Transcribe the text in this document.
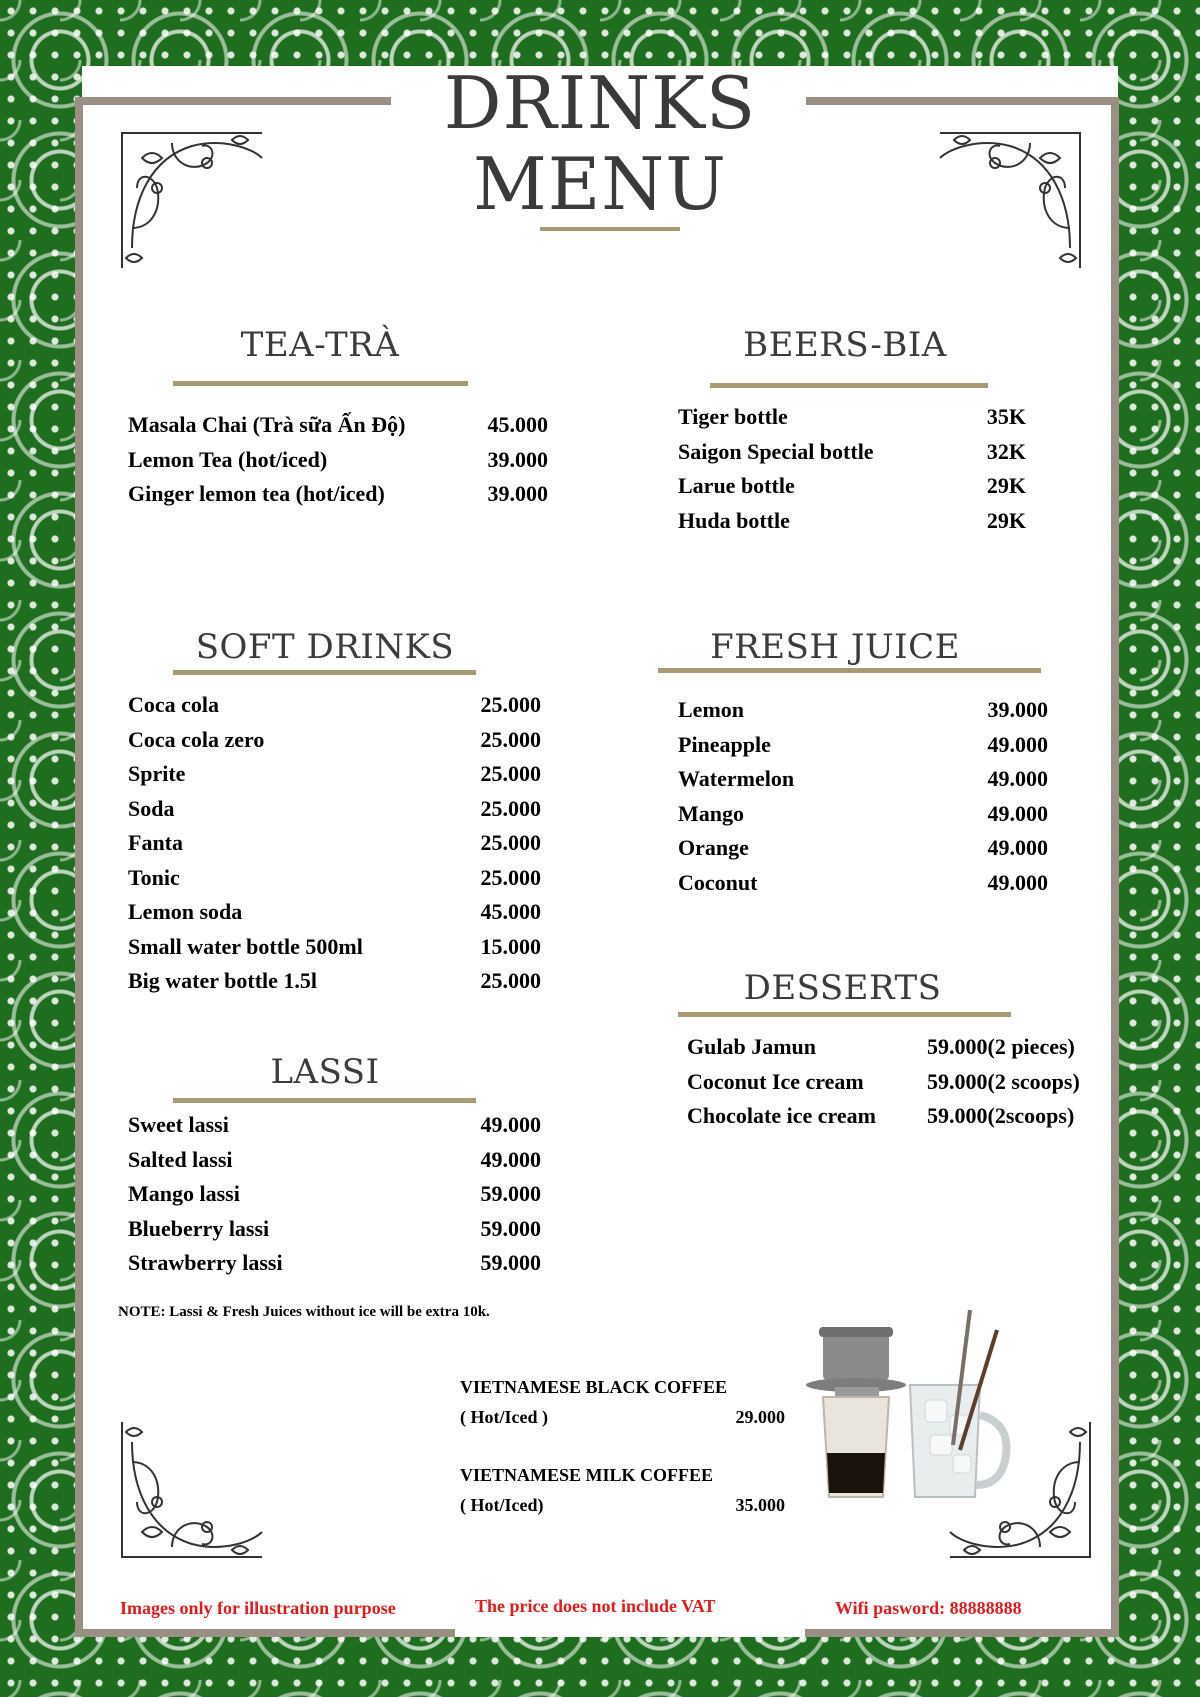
DRINKS
MENU
TEA-TRÀ
Masala Chai (Trà sữa Ấn Độ)	45.000
Lemon Tea (hot/iced)	39.000
Ginger lemon tea (hot/iced)	39.000
BEERS-BIA
Tiger bottle	35K
Saigon Special bottle	32K
Larue bottle	29K
Huda bottle	29K
SOFT DRINKS
Coca cola	25.000
Coca cola zero	25.000
Sprite	25.000
Soda	25.000
Fanta	25.000
Tonic	25.000
Lemon soda	45.000
Small water bottle 500ml	15.000
Big water bottle 1.5l	25.000
FRESH JUICE
Lemon	39.000
Pineapple	49.000
Watermelon	49.000
Mango	49.000
Orange	49.000
Coconut	49.000
DESSERTS
Gulab Jamun	59.000(2 pieces)
Coconut Ice cream	59.000(2 scoops)
Chocolate ice cream 59.000(2scoops)
LASSI
Sweet lassi	49.000
Salted lassi	49.000
Mango lassi	59.000
Blueberry lassi	59.000
Strawberry lassi	59.000
NOTE: Lassi & Fresh Juices without ice will be extra 10k.
VIETNAMESE BLACK COFFEE
( Hot/Iced )	29.000
VIETNAMESE MILK COFFEE
( Hot/Iced)	35.000
Images only for illustration purpose	The price does not include VAT	Wifi pasword: 88888888
